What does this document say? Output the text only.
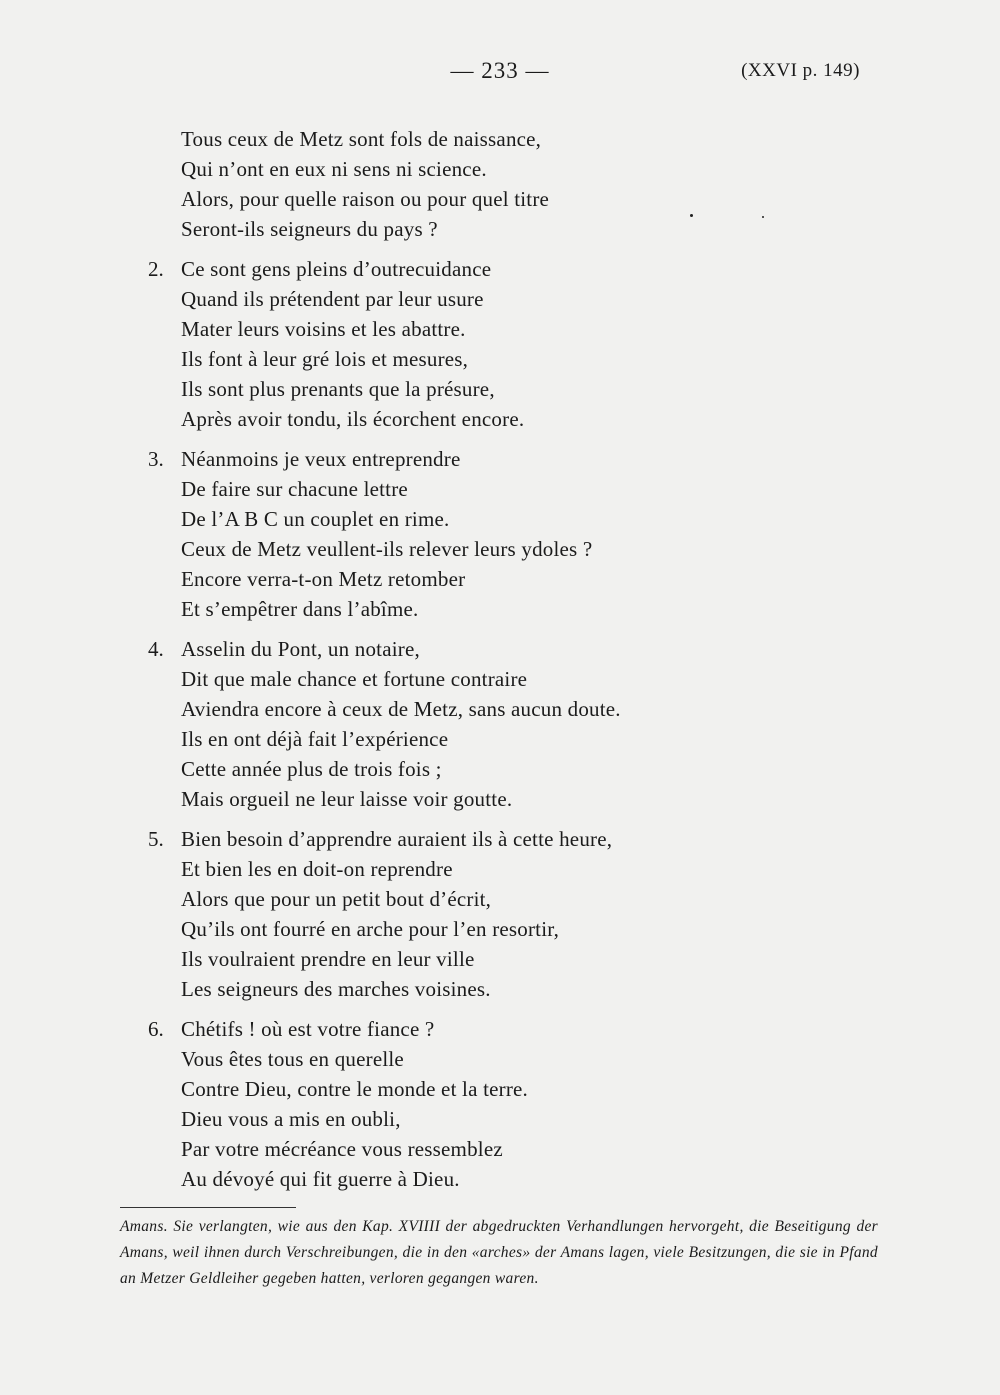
— 233 —	(XXVI p. 149)
Tous ceux de Metz sont fols de naissance,
Qui n’ont en eux ni sens ni science.
Alors, pour quelle raison ou pour quel titre
Seront-ils seigneurs du pays ?
2. Ce sont gens pleins d’outrecuidance
Quand ils prétendent par leur usure
Mater leurs voisins et les abattre.
Ils font à leur gré lois et mesures,
Ils sont plus prenants que la présure,
Après avoir tondu, ils écorchent encore.
3. Néanmoins je veux entreprendre
De faire sur chacune lettre
De l’A B C un couplet en rime.
Ceux de Metz veullent-ils relever leurs ydoles ?
Encore verra-t-on Metz retomber
Et s’empêtrer dans l’abîme.
4. Asselin du Pont, un notaire,
Dit que male chance et fortune contraire
Aviendra encore à ceux de Metz, sans aucun doute.
Ils en ont déjà fait l’expérience
Cette année plus de trois fois ;
Mais orgueil ne leur laisse voir goutte.
5. Bien besoin d’apprendre auraient ils à cette heure,
Et bien les en doit-on reprendre
Alors que pour un petit bout d’écrit,
Qu’ils ont fourré en arche pour l’en resortir,
Ils voulraient prendre en leur ville
Les seigneurs des marches voisines.
6. Chétifs ! où est votre fiance ?
Vous êtes tous en querelle
Contre Dieu, contre le monde et la terre.
Dieu vous a mis en oubli,
Par votre mécréance vous ressemblez
Au dévoyé qui fit guerre à Dieu.
Amans. Sie verlangten, wie aus den Kap. XVIIII der abgedruckten Verhandlungen hervorgeht, die Beseitigung der Amans, weil ihnen durch Verschreibungen, die in den «arches» der Amans lagen, viele Besitzungen, die sie in Pfand an Metzer Geldleiher gegeben hatten, verloren gegangen waren.
